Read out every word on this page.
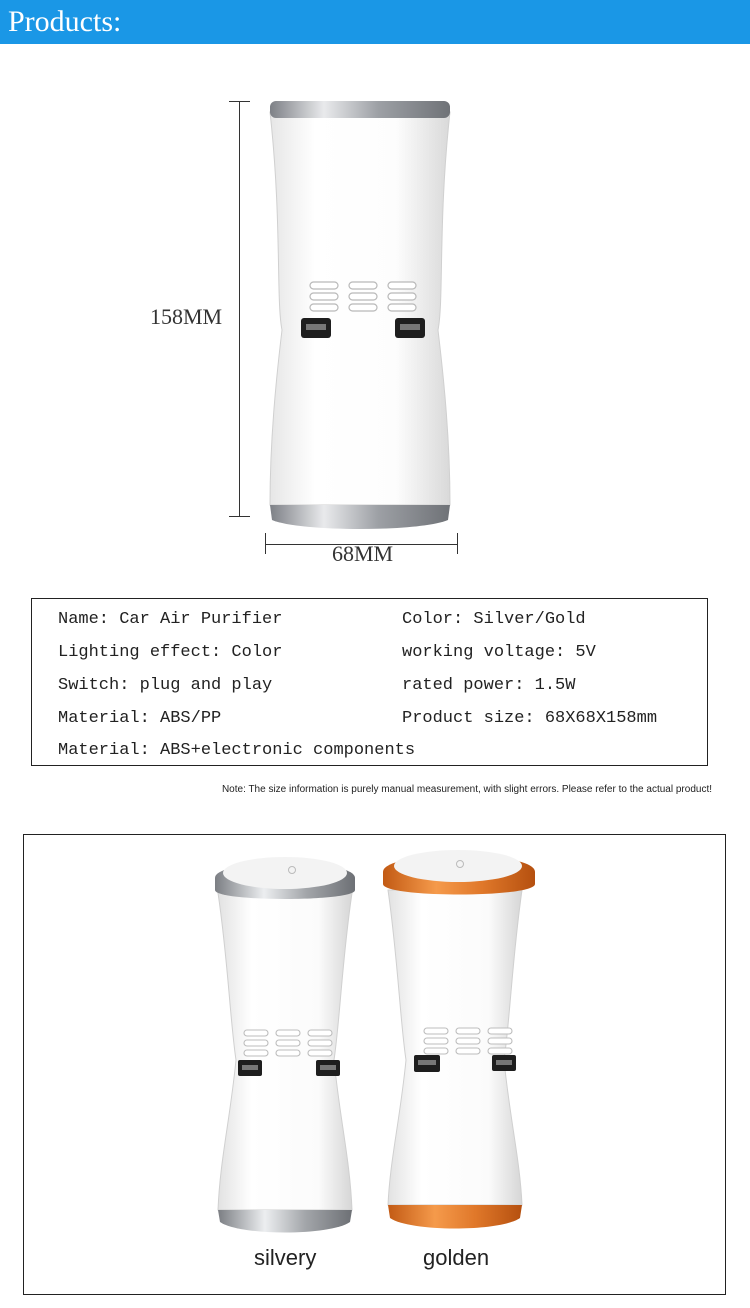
Products:
158MM
68MM
Name: Car Air Purifier	Color: Silver/Gold
Lighting effect: Color	working voltage: 5V
Switch: plug and play	rated power: 1.5W
Material: ABS/PP	Product size: 68X68X158mm
Material: ABS+electronic components
Note: The size information is purely manual measurement, with slight errors. Please refer to the actual product!
silvery	golden
